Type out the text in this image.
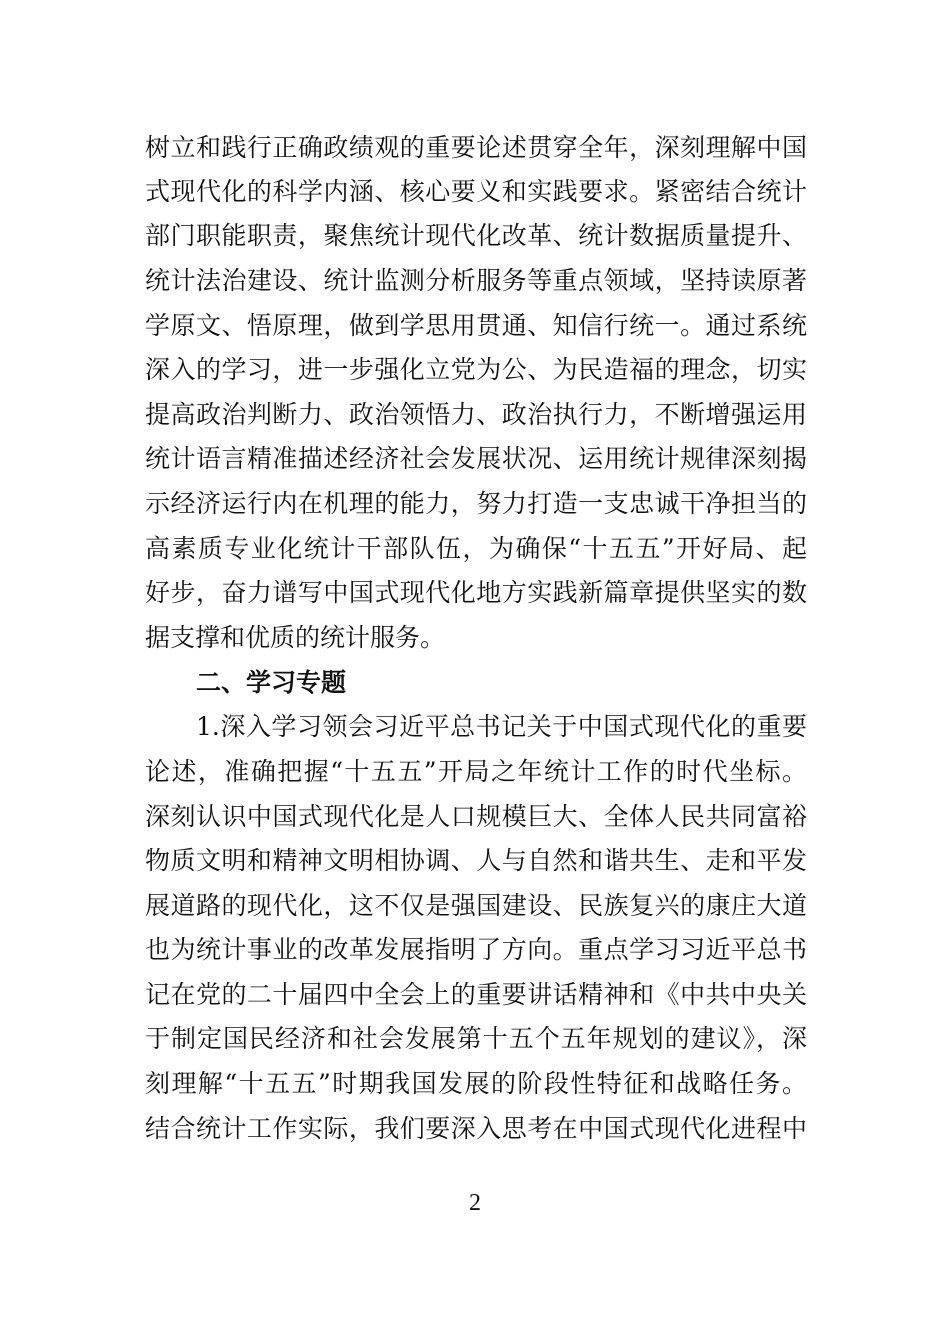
树立和践行正确政绩观的重要论述贯穿全年，深刻理解中国
式现代化的科学内涵、核心要义和实践要求。紧密结合统计
部门职能职责，聚焦统计现代化改革、统计数据质量提升、
统计法治建设、统计监测分析服务等重点领域，坚持读原著
学原文、悟原理，做到学思用贯通、知信行统一。通过系统
深入的学习，进一步强化立党为公、为民造福的理念，切实
提高政治判断力、政治领悟力、政治执行力，不断增强运用
统计语言精准描述经济社会发展状况、运用统计规律深刻揭
示经济运行内在机理的能力，努力打造一支忠诚干净担当的
高素质专业化统计干部队伍，为确保“十五五”开好局、起
好步，奋力谱写中国式现代化地方实践新篇章提供坚实的数
据支撑和优质的统计服务。
二、学习专题
1.深入学习领会习近平总书记关于中国式现代化的重要
论述，准确把握“十五五”开局之年统计工作的时代坐标。
深刻认识中国式现代化是人口规模巨大、全体人民共同富裕
物质文明和精神文明相协调、人与自然和谐共生、走和平发
展道路的现代化，这不仅是强国建设、民族复兴的康庄大道
也为统计事业的改革发展指明了方向。重点学习习近平总书
记在党的二十届四中全会上的重要讲话精神和《中共中央关
于制定国民经济和社会发展第十五个五年规划的建议》，深
刻理解“十五五”时期我国发展的阶段性特征和战略任务。
结合统计工作实际，我们要深入思考在中国式现代化进程中
2
